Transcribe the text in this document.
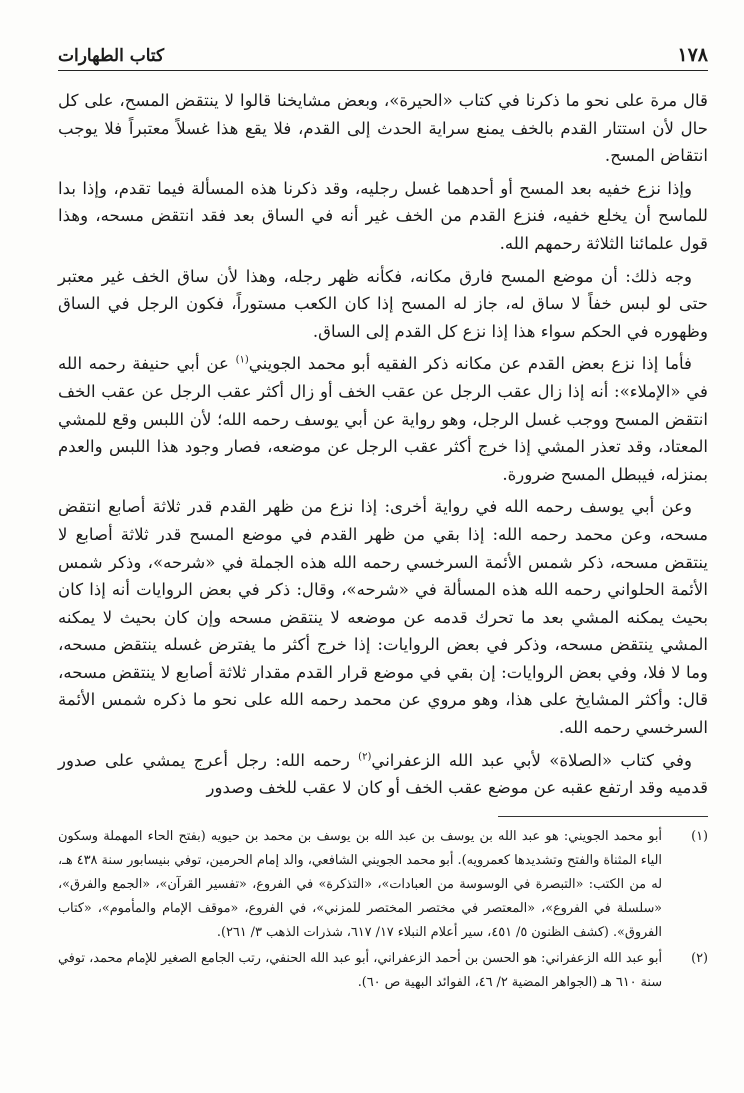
١٧٨
كتاب الطهارات

قال مرة على نحو ما ذكرنا في كتاب «الحيرة»، وبعض مشايخنا قالوا لا ينتقض المسح، على كل حال لأن استتار القدم بالخف يمنع سراية الحدث إلى القدم، فلا يقع هذا غسلاً معتبراً فلا يوجب انتقاض المسح.

وإذا نزع خفيه بعد المسح أو أحدهما غسل رجليه، وقد ذكرنا هذه المسألة فيما تقدم، وإذا بدا للماسح أن يخلع خفيه، فنزع القدم من الخف غير أنه في الساق بعد فقد انتقض مسحه، وهذا قول علمائنا الثلاثة رحمهم الله.

وجه ذلك: أن موضع المسح فارق مكانه، فكأنه ظهر رجله، وهذا لأن ساق الخف غير معتبر حتى لو لبس خفاً لا ساق له، جاز له المسح إذا كان الكعب مستوراً، فكون الرجل في الساق وظهوره في الحكم سواء هذا إذا نزع كل القدم إلى الساق.

فأما إذا نزع بعض القدم عن مكانه ذكر الفقيه أبو محمد الجويني$^{(١)}$ عن أبي حنيفة رحمه الله في «الإملاء»: أنه إذا زال عقب الرجل عن عقب الخف أو زال أكثر عقب الرجل عن عقب الخف انتقض المسح ووجب غسل الرجل، وهو رواية عن أبي يوسف رحمه الله؛ لأن اللبس وقع للمشي المعتاد، وقد تعذر المشي إذا خرج أكثر عقب الرجل عن موضعه، فصار وجود هذا اللبس والعدم بمنزله، فيبطل المسح ضرورة.

وعن أبي يوسف رحمه الله في رواية أخرى: إذا نزع من ظهر القدم قدر ثلاثة أصابع انتقض مسحه، وعن محمد رحمه الله: إذا بقي من ظهر القدم في موضع المسح قدر ثلاثة أصابع لا ينتقض مسحه، ذكر شمس الأئمة السرخسي رحمه الله هذه الجملة في «شرحه»، وذكر شمس الأئمة الحلواني رحمه الله هذه المسألة في «شرحه»، وقال: ذكر في بعض الروايات أنه إذا كان بحيث يمكنه المشي بعد ما تحرك قدمه عن موضعه لا ينتقض مسحه وإن كان بحيث لا يمكنه المشي ينتقض مسحه، وذكر في بعض الروايات: إذا خرج أكثر ما يفترض غسله ينتقض مسحه، وما لا فلا، وفي بعض الروايات: إن بقي في موضع قرار القدم مقدار ثلاثة أصابع لا ينتقض مسحه، قال: وأكثر المشايخ على هذا، وهو مروي عن محمد رحمه الله على نحو ما ذكره شمس الأئمة السرخسي رحمه الله.

وفي كتاب «الصلاة» لأبي عبد الله الزعفراني$^{(٢)}$ رحمه الله: رجل أعرج يمشي على صدور قدميه وقد ارتفع عقبه عن موضع عقب الخف أو كان لا عقب للخف وصدور

(١)
أبو محمد الجويني: هو عبد الله بن يوسف بن عبد الله بن يوسف بن محمد بن حيويه (بفتح الحاء المهملة وسكون الياء المثناة والفتح وتشديدها كعمرويه). أبو محمد الجويني الشافعي، والد إمام الحرمين، توفي بنيسابور سنة ٤٣٨ هـ، له من الكتب: «التبصرة في الوسوسة من العبادات»، «التذكرة» في الفروع، «تفسير القرآن»، «الجمع والفرق»، «سلسلة في الفروع»، «المعتصر في مختصر المختصر للمزني»، في الفروع، «موقف الإمام والمأموم»، «كتاب الفروق». (كشف الظنون ٥/ ٤٥١، سير أعلام النبلاء ١٧/ ٦١٧، شذرات الذهب ٣/ ٢٦١).
(٢)
أبو عبد الله الزعفراني: هو الحسن بن أحمد الزعفراني، أبو عبد الله الحنفي، رتب الجامع الصغير للإمام محمد، توفي سنة ٦١٠ هـ (الجواهر المضية ٢/ ٤٦، الفوائد البهية ص ٦٠).
